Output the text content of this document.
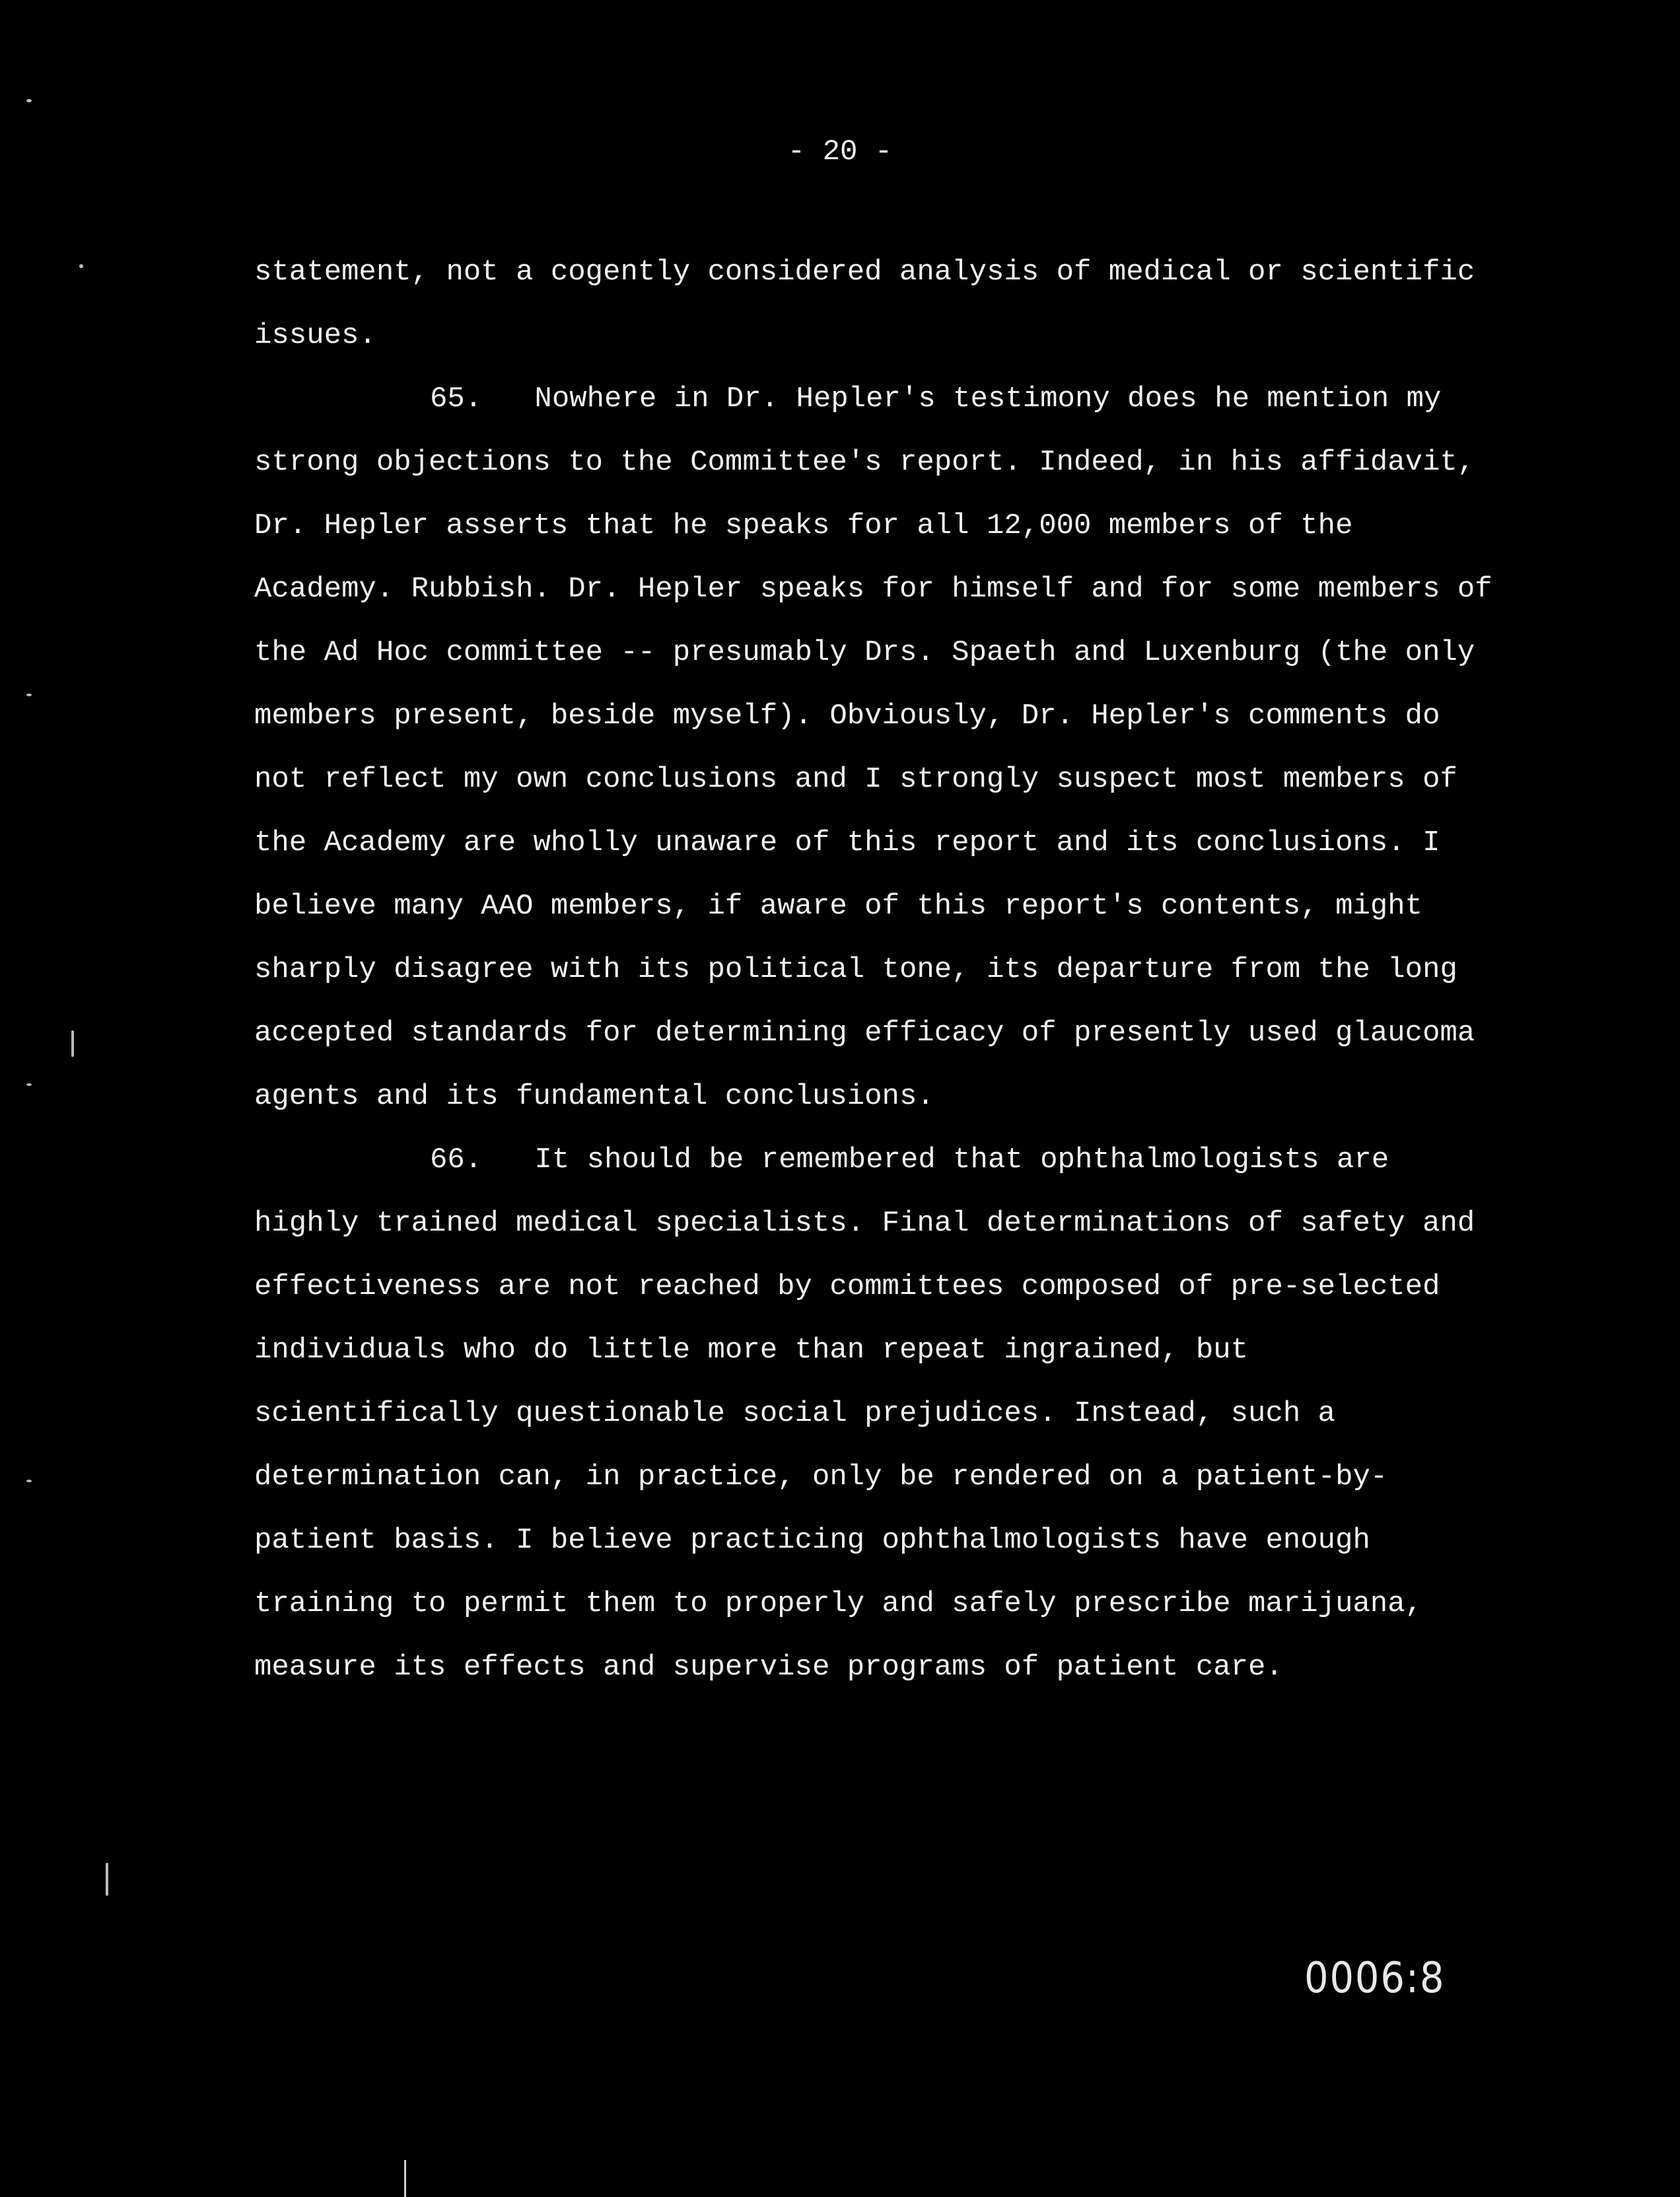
- 20 -

statement, not a cogently considered analysis of medical or scientific issues.

65.   Nowhere in Dr. Hepler's testimony does he mention my strong objections to the Committee's report. Indeed, in his affidavit, Dr. Hepler asserts that he speaks for all 12,000 members of the Academy. Rubbish. Dr. Hepler speaks for himself and for some members of the Ad Hoc committee -- presumably Drs. Spaeth and Luxenburg (the only members present, beside myself). Obviously, Dr. Hepler's comments do not reflect my own conclusions and I strongly suspect most members of the Academy are wholly unaware of this report and its conclusions. I believe many AAO members, if aware of this report's contents, might sharply disagree with its political tone, its departure from the long accepted standards for determining efficacy of presently used glaucoma agents and its fundamental conclusions.

66.   It should be remembered that ophthalmologists are highly trained medical specialists. Final determinations of safety and effectiveness are not reached by committees composed of pre-selected individuals who do little more than repeat ingrained, but scientifically questionable social prejudices. Instead, such a determination can, in practice, only be rendered on a patient-by-patient basis. I believe practicing ophthalmologists have enough training to permit them to properly and safely prescribe marijuana, measure its effects and supervise programs of patient care.

0006:8
